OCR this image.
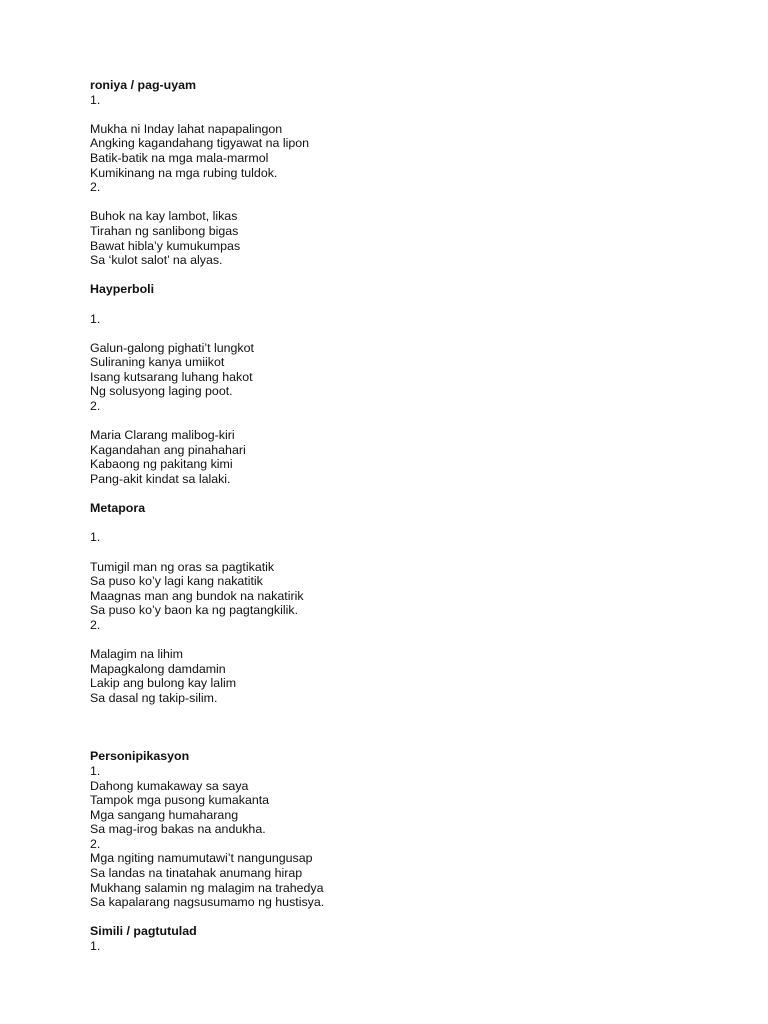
roniya / pag-uyam
1.
Mukha ni Inday lahat napapalingon
Angking kagandahang tigyawat na lipon
Batik-batik na mga mala-marmol
Kumikinang na mga rubing tuldok.
2.
Buhok na kay lambot, likas
Tirahan ng sanlibong bigas
Bawat hibla’y kumukumpas
Sa ‘kulot salot’ na alyas.
Hayperboli
1.
Galun-galong pighati’t lungkot
Suliraning kanya umiikot
Isang kutsarang luhang hakot
Ng solusyong laging poot.
2.
Maria Clarang malibog-kiri
Kagandahan ang pinahahari
Kabaong ng pakitang kimi
Pang-akit kindat sa lalaki.
Metapora
1.
Tumigil man ng oras sa pagtikatik
Sa puso ko’y lagi kang nakatitik
Maagnas man ang bundok na nakatirik
Sa puso ko’y baon ka ng pagtangkilik.
2.
Malagim na lihim
Mapagkalong damdamin
Lakip ang bulong kay lalim
Sa dasal ng takip-silim.
Personipikasyon
1.
Dahong kumakaway sa saya
Tampok mga pusong kumakanta
Mga sangang humaharang
Sa mag-irog bakas na andukha.
2.
Mga ngiting namumutawi’t nangungusap
Sa landas na tinatahak anumang hirap
Mukhang salamin ng malagim na trahedya
Sa kapalarang nagsusumamo ng hustisya.
Simili / pagtutulad
1.
